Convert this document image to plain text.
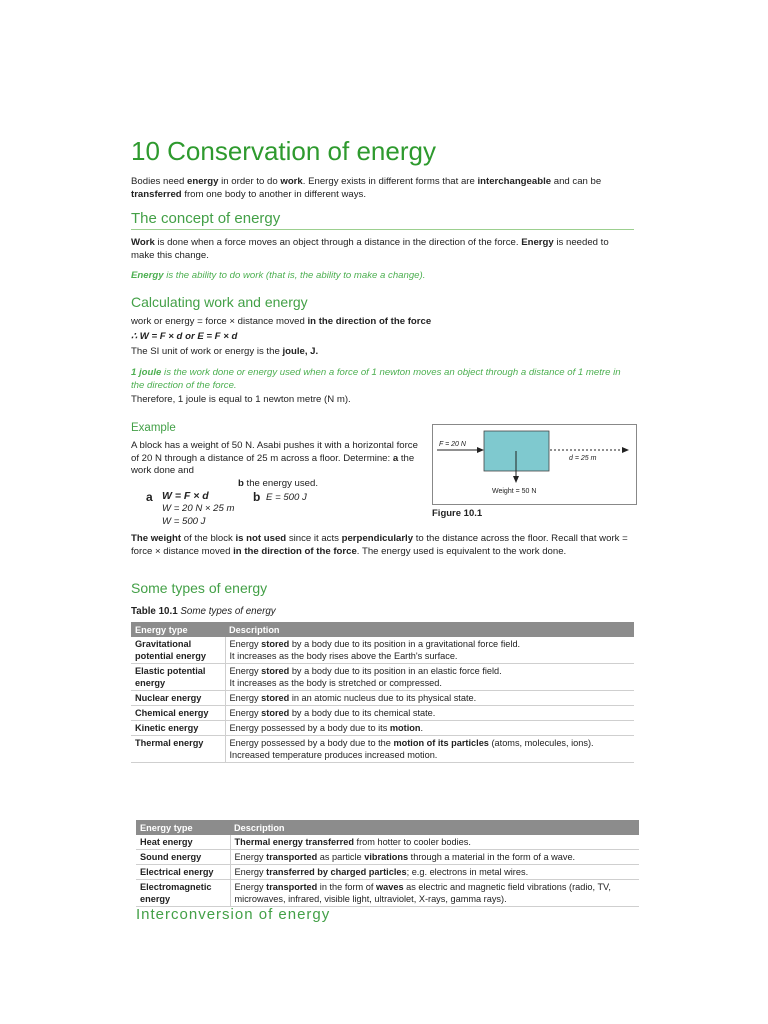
10 Conservation of energy
Bodies need energy in order to do work. Energy exists in different forms that are interchangeable and can be transferred from one body to another in different ways.
The concept of energy
Work is done when a force moves an object through a distance in the direction of the force. Energy is needed to make this change.
Energy is the ability to do work (that is, the ability to make a change).
Calculating work and energy
work or energy = force × distance moved in the direction of the force
∴ W = F × d or E = F × d
The SI unit of work or energy is the joule, J.
1 joule is the work done or energy used when a force of 1 newton moves an object through a distance of 1 metre in the direction of the force.
Therefore, 1 joule is equal to 1 newton metre (N m).
Example
A block has a weight of 50 N. Asabi pushes it with a horizontal force of 20 N through a distance of 25 m across a floor. Determine: a the work done and
b the energy used.
a W = F × d
W = 20 N × 25 m
W = 500 J
b E = 500 J
F = 20 N
d = 25 m
Weight = 50 N
Figure 10.1
The weight of the block is not used since it acts perpendicularly to the distance across the floor. Recall that work = force × distance moved in the direction of the force. The energy used is equivalent to the work done.
Some types of energy
Table 10.1 Some types of energy
Energy type	Description
Gravitational potential energy	Energy stored by a body due to its position in a gravitational force field.
It increases as the body rises above the Earth's surface.
Elastic potential energy	Energy stored by a body due to its position in an elastic force field.
It increases as the body is stretched or compressed.
Nuclear energy	Energy stored in an atomic nucleus due to its physical state.
Chemical energy	Energy stored by a body due to its chemical state.
Kinetic energy	Energy possessed by a body due to its motion.
Thermal energy	Energy possessed by a body due to the motion of its particles (atoms, molecules, ions). Increased temperature produces increased motion.
Energy type	Description
Heat energy	Thermal energy transferred from hotter to cooler bodies.
Sound energy	Energy transported as particle vibrations through a material in the form of a wave.
Electrical energy	Energy transferred by charged particles; e.g. electrons in metal wires.
Electromagnetic energy	Energy transported in the form of waves as electric and magnetic field vibrations (radio, TV, microwaves, infrared, visible light, ultraviolet, X-rays, gamma rays).
Interconversion of energy
